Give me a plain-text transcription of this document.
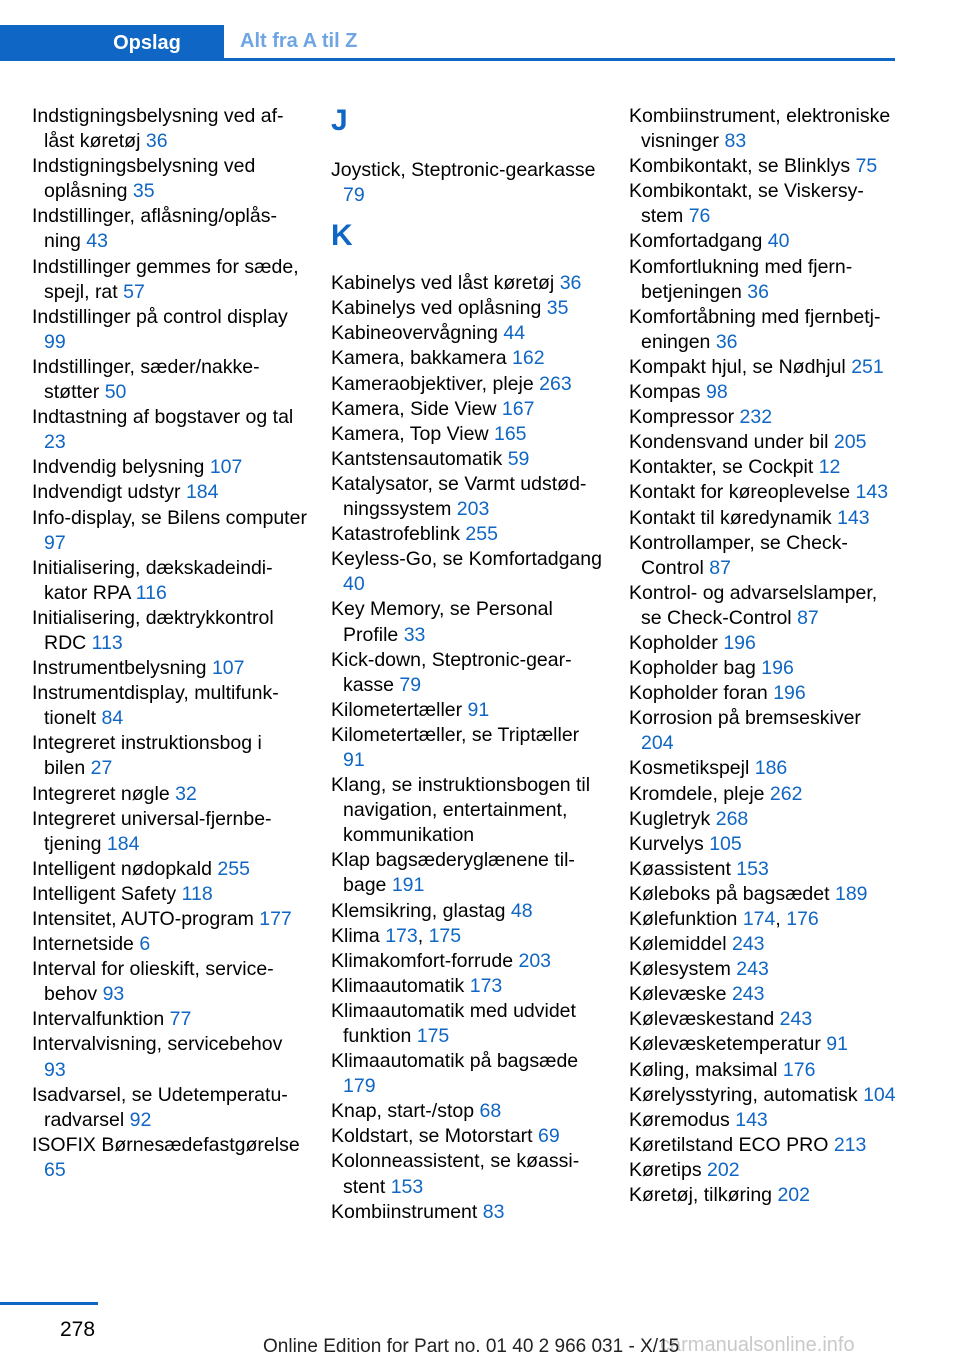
Opslag	Alt fra A til Z
Indstigningsbelysning ved aflåst køretøj 36
Indstigningsbelysning ved oplåsning 35
Indstillinger, aflåsning/oplåsning 43
Indstillinger gemmes for sæde, spejl, rat 57
Indstillinger på control display 99
Indstillinger, sæder/nakkestøtter 50
Indtastning af bogstaver og tal 23
Indvendig belysning 107
Indvendigt udstyr 184
Info-display, se Bilens computer 97
Initialisering, dækskadeindikator RPA 116
Initialisering, dæktrykkontrol RDC 113
Instrumentbelysning 107
Instrumentdisplay, multifunktionelt 84
Integreret instruktionsbog i bilen 27
Integreret nøgle 32
Integreret universal-fjernbetjening 184
Intelligent nødopkald 255
Intelligent Safety 118
Intensitet, AUTO-program 177
Internetside 6
Interval for olieskift, servicebehov 93
Intervalfunktion 77
Intervalvisning, servicebehov 93
Isadvarsel, se Udetemperaturadvarsel 92
ISOFIX Børnesædefastgørelse 65
J
Joystick, Steptronic-gearkasse 79
K
Kabinelys ved låst køretøj 36
Kabinelys ved oplåsning 35
Kabineovervågning 44
Kamera, bakkamera 162
Kameraobjektiver, pleje 263
Kamera, Side View 167
Kamera, Top View 165
Kantstensautomatik 59
Katalysator, se Varmt udstødningssystem 203
Katastrofeblink 255
Keyless-Go, se Komfortadgang 40
Key Memory, se Personal Profile 33
Kick-down, Steptronic-gearkasse 79
Kilometertæller 91
Kilometertæller, se Triptæller 91
Klang, se instruktionsbogen til navigation, entertainment, kommunikation
Klap bagsæderyglænene tilbage 191
Klemsikring, glastag 48
Klima 173, 175
Klimakomfort-forrude 203
Klimaautomatik 173
Klimaautomatik med udvidet funktion 175
Klimaautomatik på bagsæde 179
Knap, start-/stop 68
Koldstart, se Motorstart 69
Kolonneassistent, se køassistent 153
Kombiinstrument 83
Kombiinstrument, elektroniske visninger 83
Kombikontakt, se Blinklys 75
Kombikontakt, se Viskersystem 76
Komfortadgang 40
Komfortlukning med fjernbetjeningen 36
Komfortåbning med fjernbetjeningen 36
Kompakt hjul, se Nødhjul 251
Kompas 98
Kompressor 232
Kondensvand under bil 205
Kontakter, se Cockpit 12
Kontakt for køreoplevelse 143
Kontakt til køredynamik 143
Kontrollamper, se Check-Control 87
Kontrol- og advarselslamper, se Check-Control 87
Kopholder 196
Kopholder bag 196
Kopholder foran 196
Korrosion på bremseskiver 204
Kosmetikspejl 186
Kromdele, pleje 262
Kugletryk 268
Kurvelys 105
Køassistent 153
Køleboks på bagsædet 189
Kølefunktion 174, 176
Kølemiddel 243
Kølesystem 243
Kølevæske 243
Kølevæskestand 243
Kølevæsketemperatur 91
Køling, maksimal 176
Kørelysstyring, automatisk 104
Køremodus 143
Køretilstand ECO PRO 213
Køretips 202
Køretøj, tilkøring 202
278
carmanualsonline.info
Online Edition for Part no. 01 40 2 966 031 - X/15
